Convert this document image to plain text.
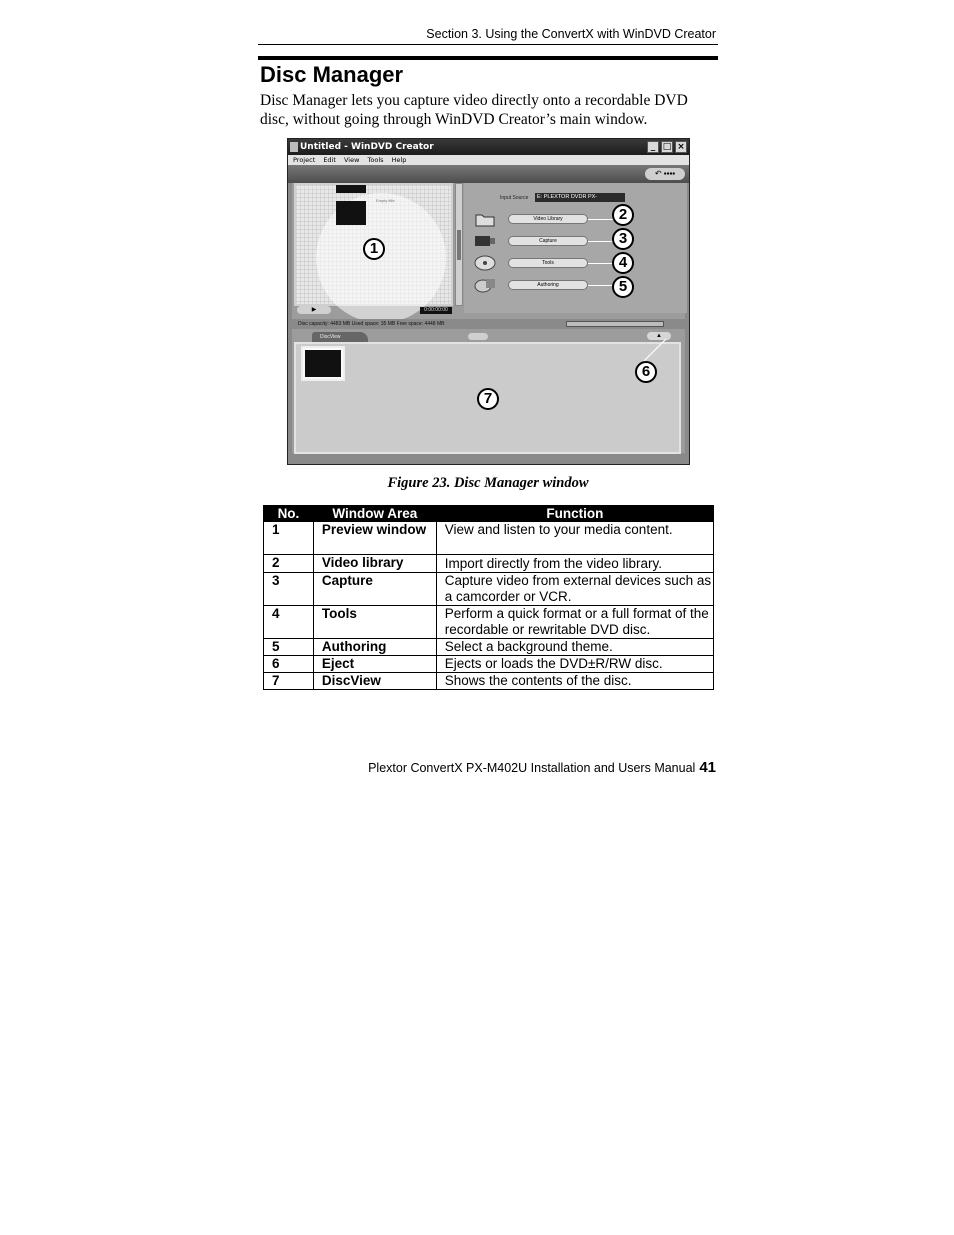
Section 3. Using the ConvertX with WinDVD Creator
Disc Manager

Disc Manager lets you capture video directly onto a recordable DVD disc, without going through WinDVD Creator’s main window.

Untitled - WinDVD Creator	_ □ ×
Project Edit View Tools Help
↶ ▪▪▪▪
Empty title
▶	0:00:00:00
Input Source	E: PLEXTOR DVDR PX-
Video Library
Capture
Tools
Authoring
Disc capacity: 4483 MB Used space: 35 MB Free space: 4448 MB
DiscView	▲
1
2
3
4
5
6
7
Figure 23. Disc Manager window
No.	Window Area	Function
1	Preview window	View and listen to your media content.
2	Video library	Import directly from the video library.
3	Capture	Capture video from external devices such as a camcorder or VCR.
4	Tools	Perform a quick format or a full format of the recordable or rewritable DVD disc.
5	Authoring	Select a background theme.
6	Eject	Ejects or loads the DVD±R/RW disc.
7	DiscView	Shows the contents of the disc.
Plextor ConvertX PX-M402U Installation and Users Manual 41
